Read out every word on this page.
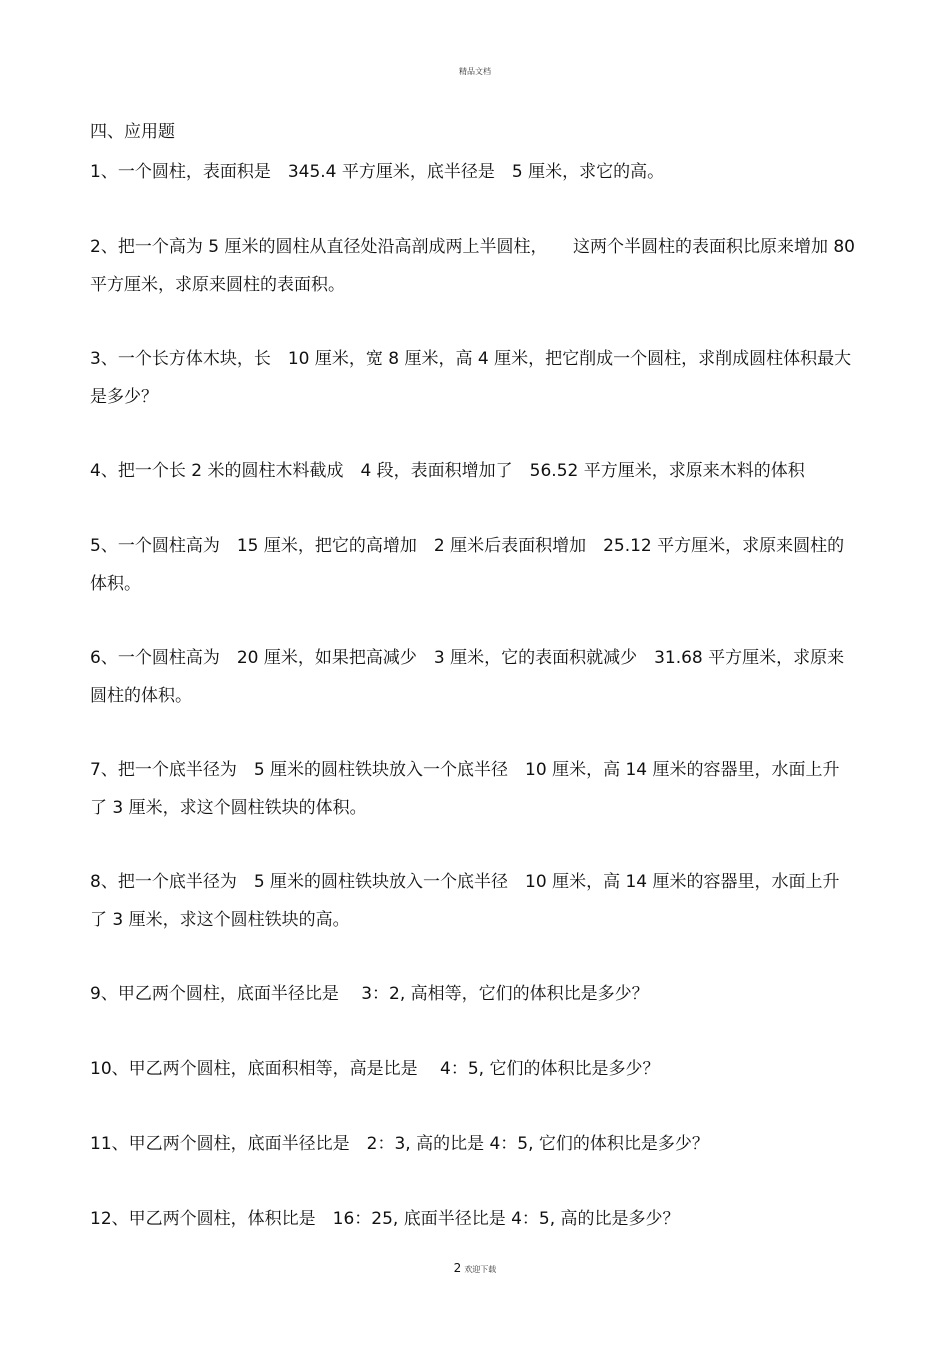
精品文档
四、应用题

1、一个圆柱，表面积是　345.4 平方厘米，底半径是　5 厘米，求它的高。

2、把一个高为 5 厘米的圆柱从直径处沿高剖成两上半圆柱，　　这两个半圆柱的表面积比原来增加 80 平方厘米，求原来圆柱的表面积。

3、一个长方体木块，长　10 厘米，宽 8 厘米，高 4 厘米，把它削成一个圆柱，求削成圆柱体积最大是多少？

4、把一个长 2 米的圆柱木料截成　4 段，表面积增加了　56.52 平方厘米，求原来木料的体积

5、一个圆柱高为　15 厘米，把它的高增加　2 厘米后表面积增加　25.12 平方厘米，求原来圆柱的体积。

6、一个圆柱高为　20 厘米，如果把高减少　3 厘米，它的表面积就减少　31.68 平方厘米，求原来圆柱的体积。

7、把一个底半径为　5 厘米的圆柱铁块放入一个底半径　10 厘米，高 14 厘米的容器里，水面上升了 3 厘米，求这个圆柱铁块的体积。

8、把一个底半径为　5 厘米的圆柱铁块放入一个底半径　10 厘米，高 14 厘米的容器里，水面上升了 3 厘米，求这个圆柱铁块的高。

9、甲乙两个圆柱，底面半径比是　 3：2, 高相等，它们的体积比是多少？

10、甲乙两个圆柱，底面积相等，高是比是　 4：5, 它们的体积比是多少？

11、甲乙两个圆柱，底面半径比是　2：3, 高的比是 4：5, 它们的体积比是多少？

12、甲乙两个圆柱，体积比是　16：25, 底面半径比是 4：5, 高的比是多少？

2 欢迎下载
